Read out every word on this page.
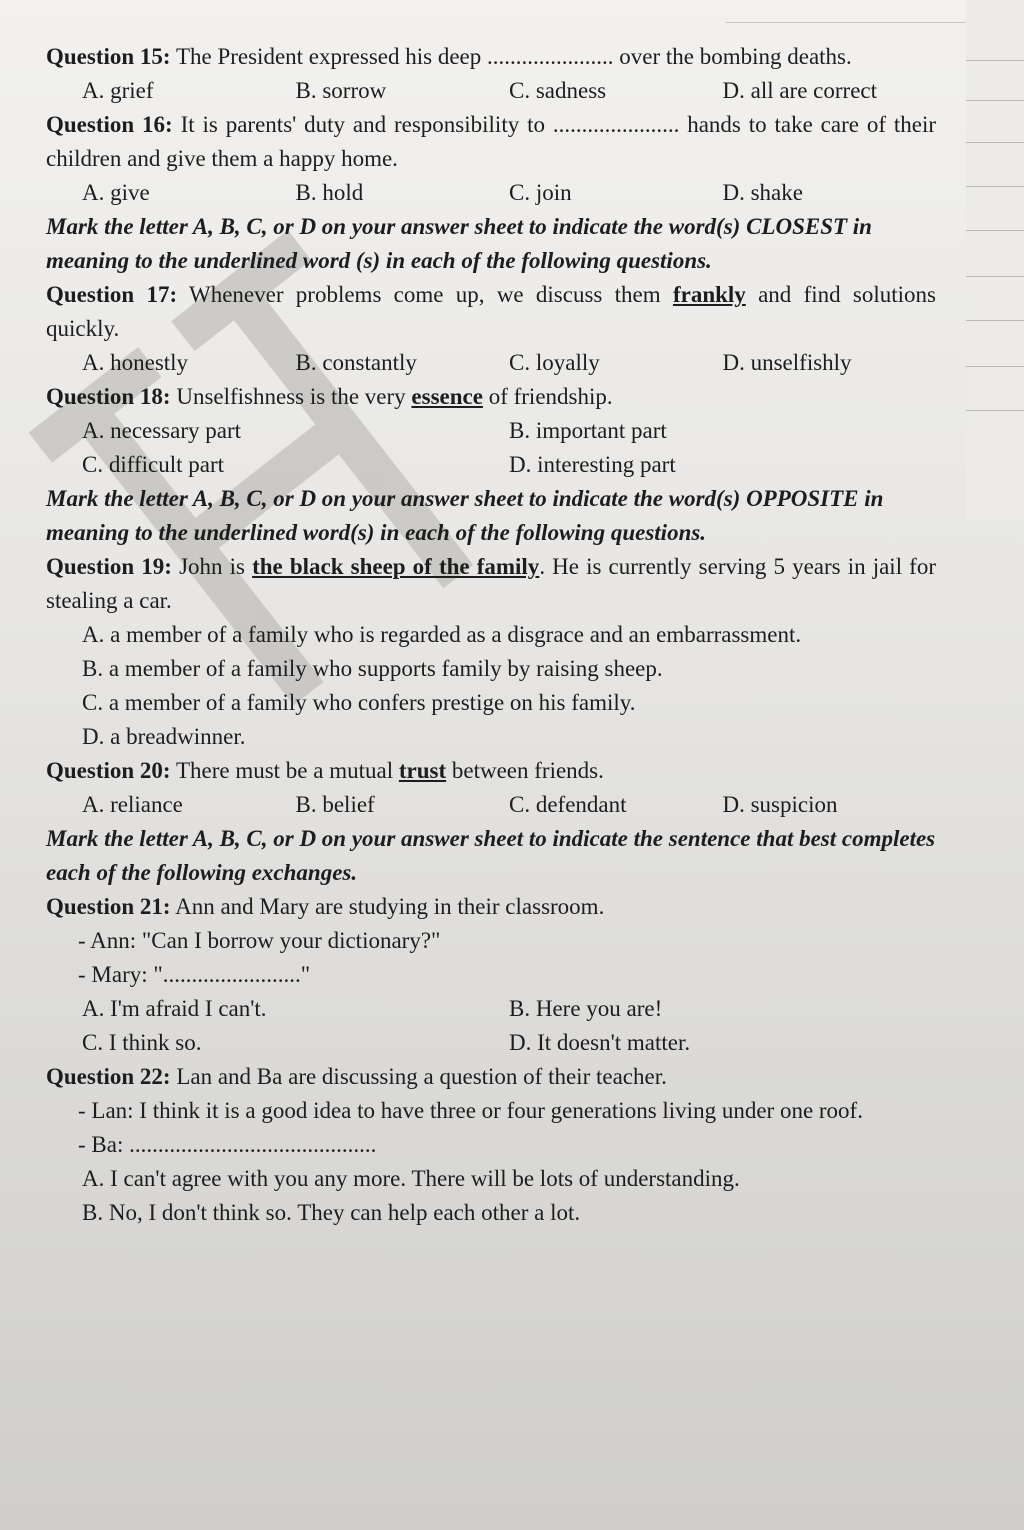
Question 15: The President expressed his deep ...................... over the bombing deaths.

A. grief	B. sorrow	C. sadness	D. all are correct

Question 16: It is parents' duty and responsibility to ...................... hands to take care of their children and give them a happy home.

A. give	B. hold	C. join	D. shake

Mark the letter A, B, C, or D on your answer sheet to indicate the word(s) CLOSEST in meaning to the underlined word (s) in each of the following questions.

Question 17: Whenever problems come up, we discuss them frankly and find solutions quickly.

A. honestly	B. constantly	C. loyally	D. unselfishly

Question 18: Unselfishness is the very essence of friendship.

A. necessary part	B. important part
C. difficult part	D. interesting part

Mark the letter A, B, C, or D on your answer sheet to indicate the word(s) OPPOSITE in meaning to the underlined word(s) in each of the following questions.

Question 19: John is the black sheep of the family. He is currently serving 5 years in jail for stealing a car.

A. a member of a family who is regarded as a disgrace and an embarrassment.

B. a member of a family who supports family by raising sheep.

C. a member of a family who confers prestige on his family.

D. a breadwinner.

Question 20: There must be a mutual trust between friends.

A. reliance	B. belief	C. defendant	D. suspicion

Mark the letter A, B, C, or D on your answer sheet to indicate the sentence that best completes each of the following exchanges.

Question 21: Ann and Mary are studying in their classroom.

- Ann: "Can I borrow your dictionary?"

- Mary: "........................"

A. I'm afraid I can't.	B. Here you are!
C. I think so.	D. It doesn't matter.

Question 22: Lan and Ba are discussing a question of their teacher.

- Lan: I think it is a good idea to have three or four generations living under one roof.

- Ba: ...........................................

A. I can't agree with you any more. There will be lots of understanding.

B. No, I don't think so. They can help each other a lot.
